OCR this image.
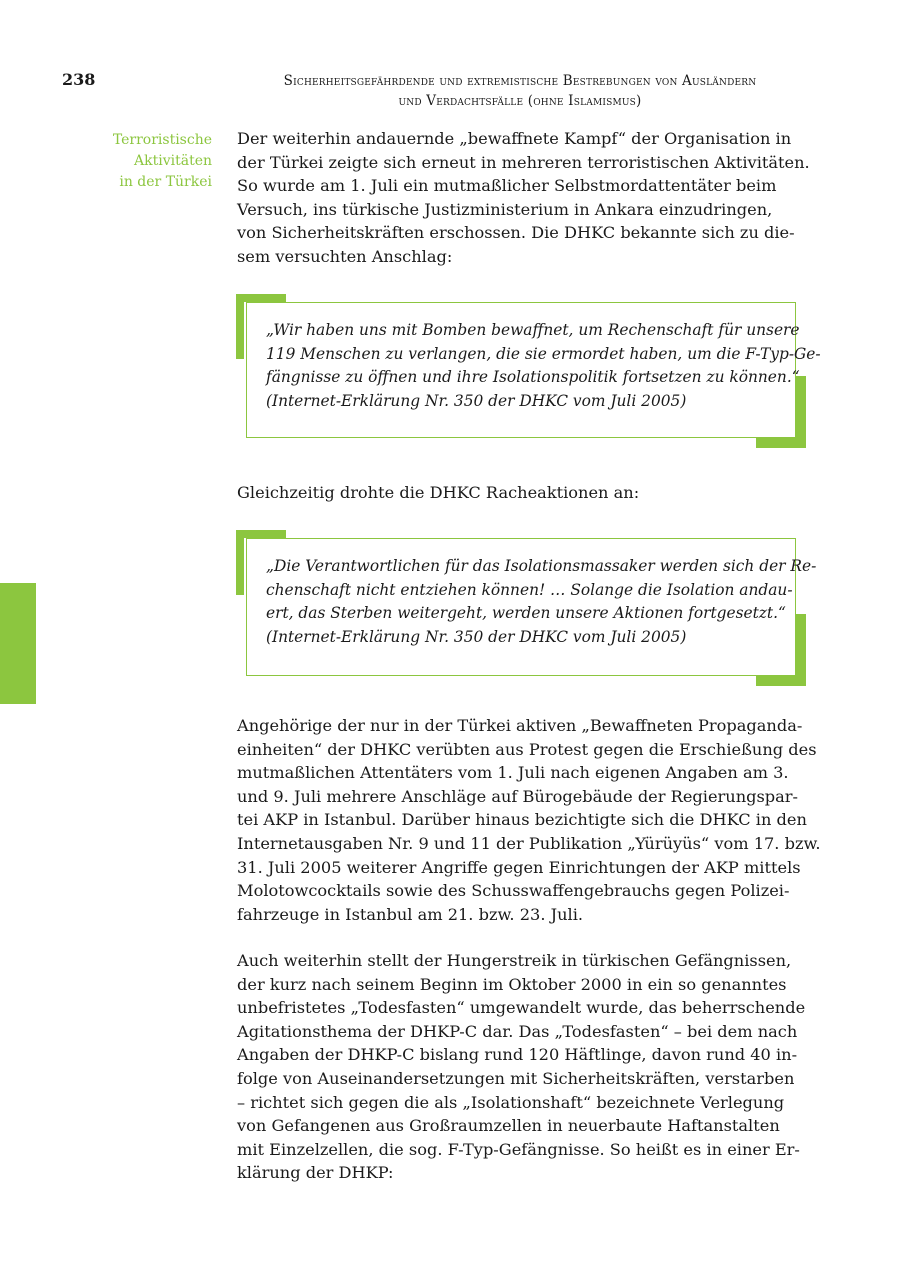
238	Sicherheitsgefährdende und extremistische Bestrebungen von Ausländern
und Verdachtsfälle (ohne Islamismus)
Terroristische
Aktivitäten
in der Türkei
Der weiterhin andauernde „bewaffnete Kampf“ der Organisation in
der Türkei zeigte sich erneut in mehreren terroristischen Aktivitäten.
So wurde am 1. Juli ein mutmaßlicher Selbstmordattentäter beim
Versuch, ins türkische Justizministerium in Ankara einzudringen,
von Sicherheitskräften erschossen. Die DHKC bekannte sich zu die-
sem versuchten Anschlag:
„Wir haben uns mit Bomben bewaffnet, um Rechenschaft für unsere
119 Menschen zu verlangen, die sie ermordet haben, um die F-Typ-Ge-
fängnisse zu öffnen und ihre Isolationspolitik fortsetzen zu können.“
(Internet-Erklärung Nr. 350 der DHKC vom Juli 2005)
Gleichzeitig drohte die DHKC Racheaktionen an:
„Die Verantwortlichen für das Isolationsmassaker werden sich der Re-
chenschaft nicht entziehen können! … Solange die Isolation andau-
ert, das Sterben weitergeht, werden unsere Aktionen fortgesetzt.“
(Internet-Erklärung Nr. 350 der DHKC vom Juli 2005)
Angehörige der nur in der Türkei aktiven „Bewaffneten Propaganda-
einheiten“ der DHKC verübten aus Protest gegen die Erschießung des
mutmaßlichen Attentäters vom 1. Juli nach eigenen Angaben am 3.
und 9. Juli mehrere Anschläge auf Bürogebäude der Regierungspar-
tei AKP in Istanbul. Darüber hinaus bezichtigte sich die DHKC in den
Internetausgaben Nr. 9 und 11 der Publikation „Yürüyüs“ vom 17. bzw.
31. Juli 2005 weiterer Angriffe gegen Einrichtungen der AKP mittels
Molotowcocktails sowie des Schusswaffengebrauchs gegen Polizei-
fahrzeuge in Istanbul am 21. bzw. 23. Juli.
Auch weiterhin stellt der Hungerstreik in türkischen Gefängnissen,
der kurz nach seinem Beginn im Oktober 2000 in ein so genanntes
unbefristetes „Todesfasten“ umgewandelt wurde, das beherrschende
Agitationsthema der DHKP-C dar. Das „Todesfasten“ – bei dem nach
Angaben der DHKP-C bislang rund 120 Häftlinge, davon rund 40 in-
folge von Auseinandersetzungen mit Sicherheitskräften, verstarben
– richtet sich gegen die als „Isolationshaft“ bezeichnete Verlegung
von Gefangenen aus Großraumzellen in neuerbaute Haftanstalten
mit Einzelzellen, die sog. F-Typ-Gefängnisse. So heißt es in einer Er-
klärung der DHKP:
